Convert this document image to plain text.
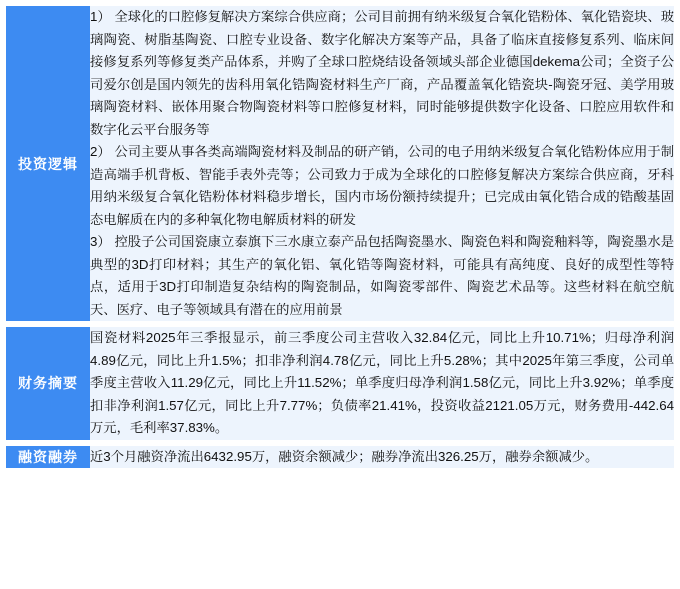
投资逻辑	1） 全球化的口腔修复解决方案综合供应商；公司目前拥有纳米级复合氧化锆粉体、氧化锆瓷块、玻璃陶瓷、树脂基陶瓷、口腔专业设备、数字化解决方案等产品，具备了临床直接修复系列、临床间接修复系列等修复类产品体系，并购了全球口腔烧结设备领域头部企业德国dekema公司；全资子公司爱尔创是国内领先的齿科用氧化锆陶瓷材料生产厂商，产品覆盖氧化锆瓷块-陶瓷牙冠、美学用玻璃陶瓷材料、嵌体用聚合物陶瓷材料等口腔修复材料，同时能够提供数字化设备、口腔应用软件和数字化云平台服务等

2） 公司主要从事各类高端陶瓷材料及制品的研产销，公司的电子用纳米级复合氧化锆粉体应用于制造高端手机背板、智能手表外壳等；公司致力于成为全球化的口腔修复解决方案综合供应商，牙科用纳米级复合氧化锆粉体材料稳步增长，国内市场份额持续提升；已完成由氧化锆合成的锆酸基固态电解质在内的多种氧化物电解质材料的研发

3） 控股子公司国瓷康立泰旗下三水康立泰产品包括陶瓷墨水、陶瓷色料和陶瓷釉料等，陶瓷墨水是典型的3D打印材料；其生产的氧化铝、氧化锆等陶瓷材料，可能具有高纯度、良好的成型性等特点，适用于3D打印制造复杂结构的陶瓷制品，如陶瓷零部件、陶瓷艺术品等。这些材料在航空航天、医疗、电子等领域具有潜在的应用前景

财务摘要	国瓷材料2025年三季报显示，前三季度公司主营收入32.84亿元，同比上升10.71%；归母净利润4.89亿元，同比上升1.5%；扣非净利润4.78亿元，同比上升5.28%；其中2025年第三季度，公司单季度主营收入11.29亿元，同比上升11.52%；单季度归母净利润1.58亿元，同比上升3.92%；单季度扣非净利润1.57亿元，同比上升7.77%；负债率21.41%，投资收益2121.05万元，财务费用-442.64万元，毛利率37.83%。

融资融券	近3个月融资净流出6432.95万，融资余额减少；融券净流出326.25万，融券余额减少。
